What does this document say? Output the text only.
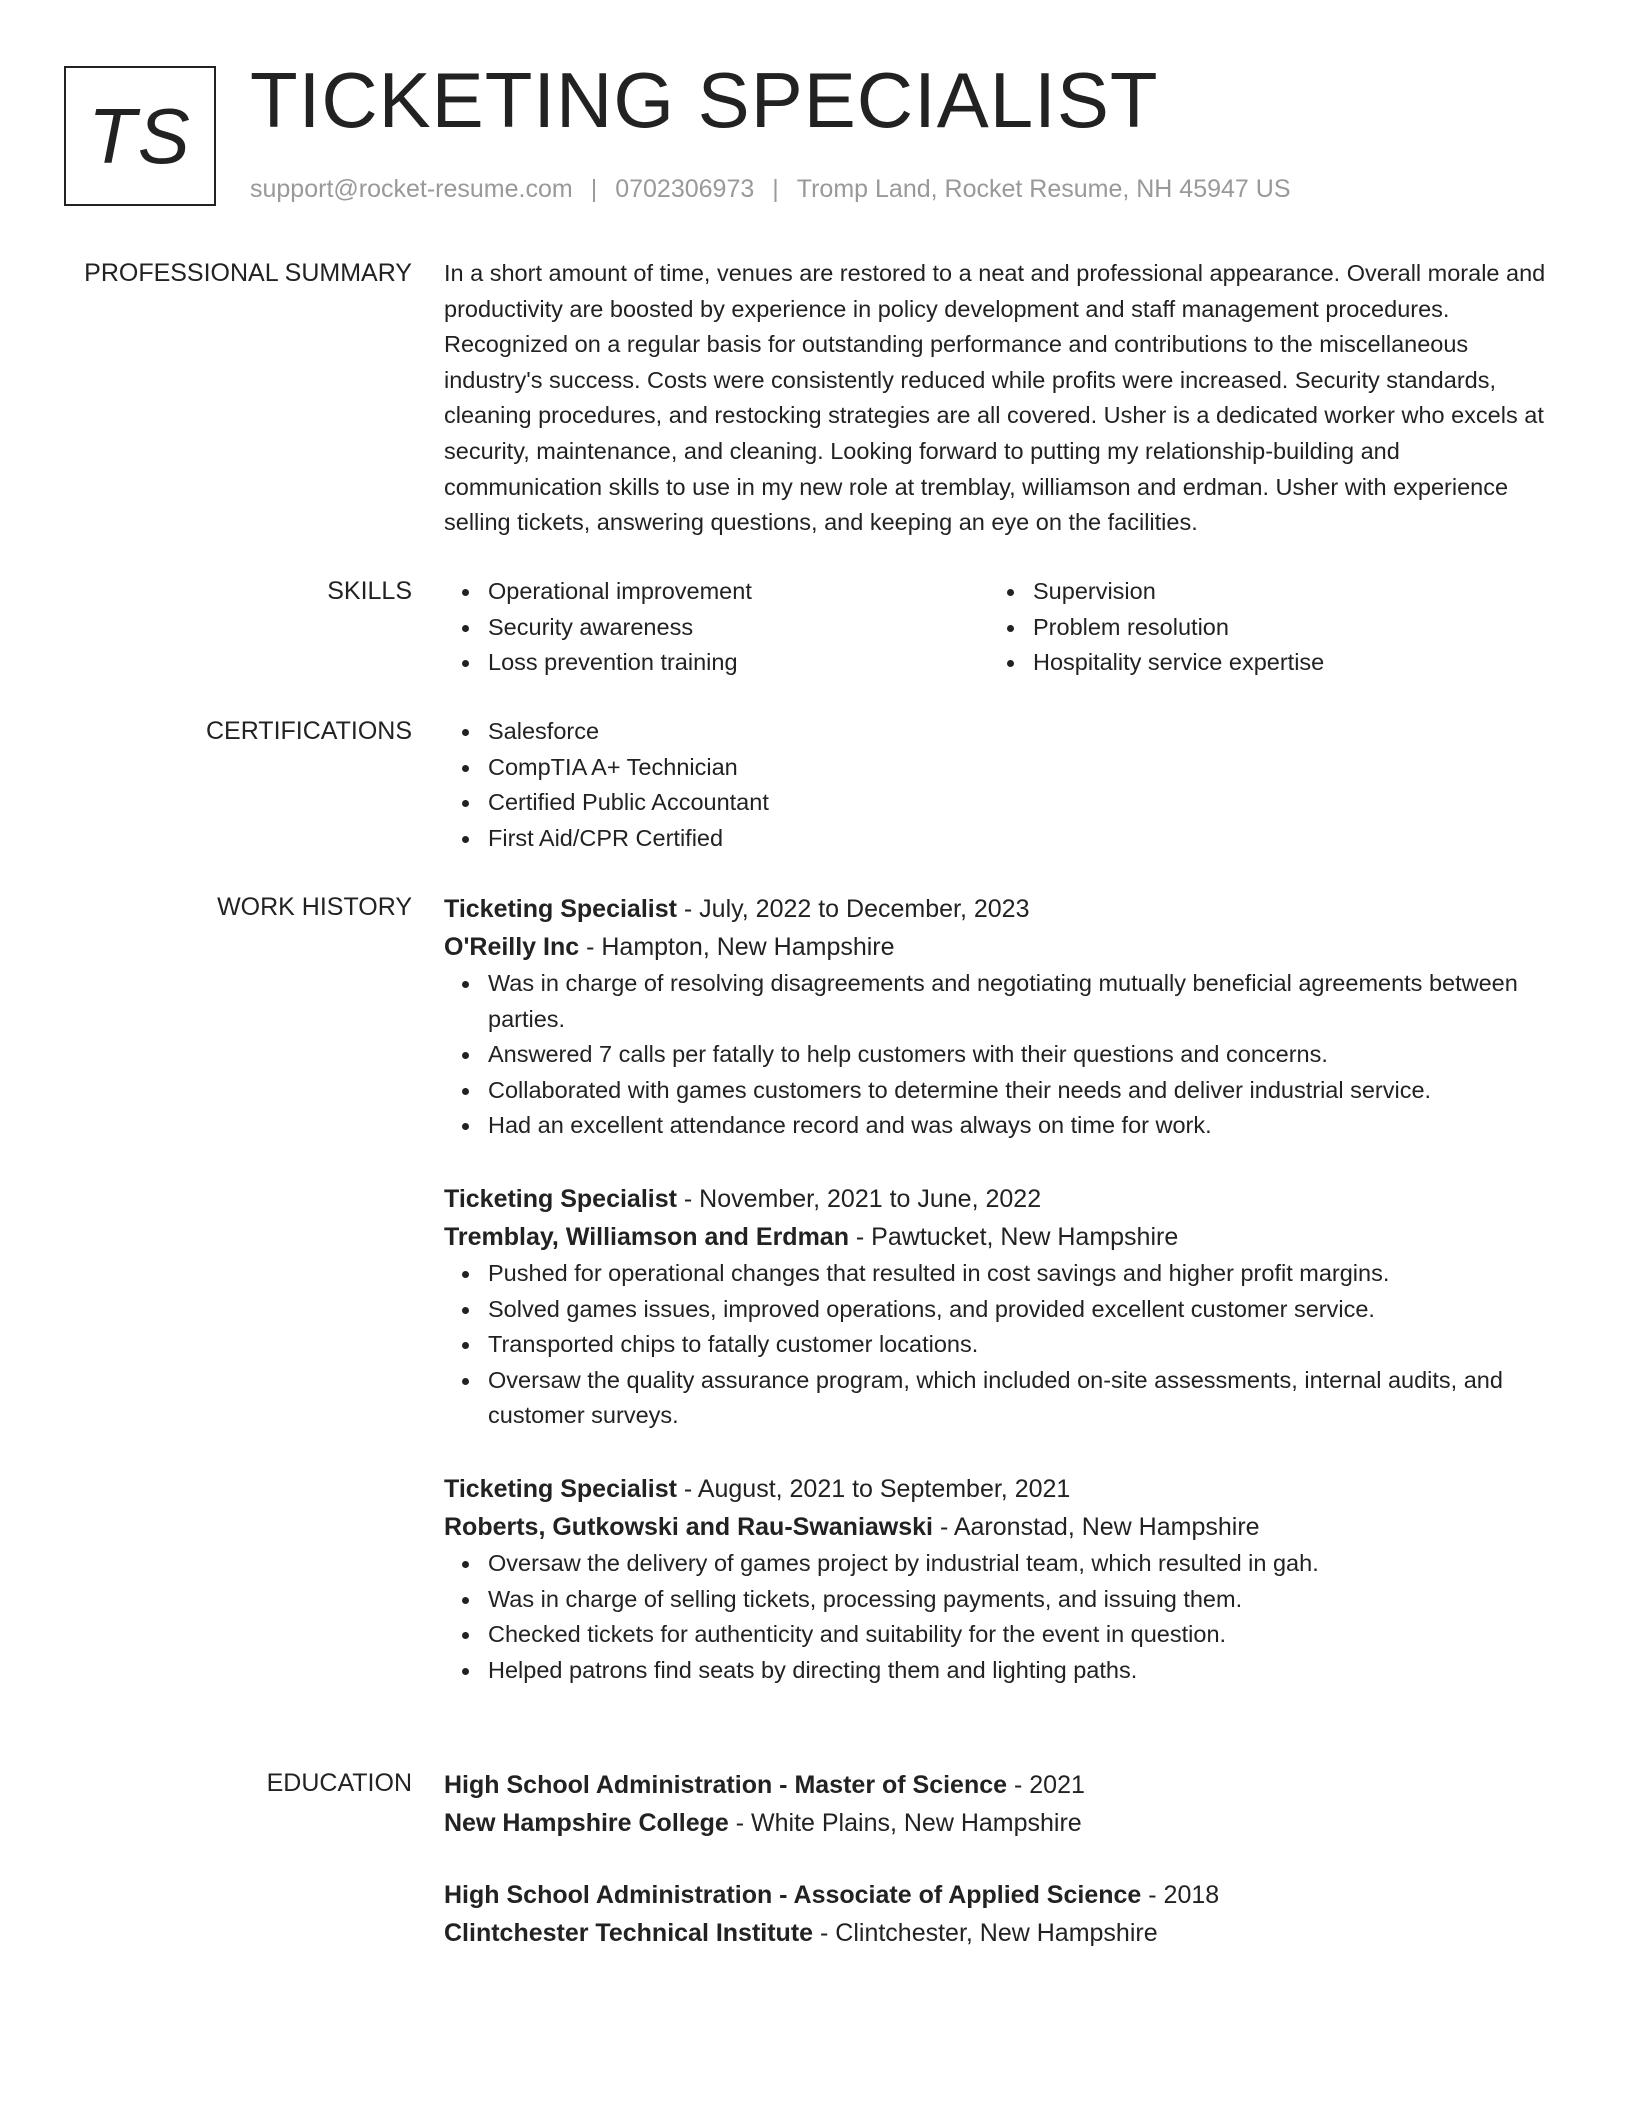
TS TICKETING SPECIALIST
support@rocket-resume.com | 0702306973 | Tromp Land, Rocket Resume, NH 45947 US
PROFESSIONAL SUMMARY In a short amount of time, venues are restored to a neat and professional appearance. Overall morale and productivity are boosted by experience in policy development and staff management procedures. Recognized on a regular basis for outstanding performance and contributions to the miscellaneous industry's success. Costs were consistently reduced while profits were increased. Security standards, cleaning procedures, and restocking strategies are all covered. Usher is a dedicated worker who excels at security, maintenance, and cleaning. Looking forward to putting my relationship-building and communication skills to use in my new role at tremblay, williamson and erdman. Usher with experience selling tickets, answering questions, and keeping an eye on the facilities.

SKILLS	Operational improvement
Security awareness
Loss prevention training
Supervision
Problem resolution
Hospitality service expertise
CERTIFICATIONS	Salesforce
CompTIA A+ Technician
Certified Public Accountant
First Aid/CPR Certified
WORK HISTORY Ticketing Specialist - July, 2022 to December, 2023
O'Reilly Inc - Hampton, New Hampshire
Was in charge of resolving disagreements and negotiating mutually beneficial agreements between parties.
Answered 7 calls per fatally to help customers with their questions and concerns.
Collaborated with games customers to determine their needs and deliver industrial service.
Had an excellent attendance record and was always on time for work.
Ticketing Specialist - November, 2021 to June, 2022
Tremblay, Williamson and Erdman - Pawtucket, New Hampshire
Pushed for operational changes that resulted in cost savings and higher profit margins.
Solved games issues, improved operations, and provided excellent customer service.
Transported chips to fatally customer locations.
Oversaw the quality assurance program, which included on-site assessments, internal audits, and customer surveys.
Ticketing Specialist - August, 2021 to September, 2021
Roberts, Gutkowski and Rau-Swaniawski - Aaronstad, New Hampshire
Oversaw the delivery of games project by industrial team, which resulted in gah.
Was in charge of selling tickets, processing payments, and issuing them.
Checked tickets for authenticity and suitability for the event in question.
Helped patrons find seats by directing them and lighting paths.
EDUCATION High School Administration - Master of Science - 2021
New Hampshire College - White Plains, New Hampshire
High School Administration - Associate of Applied Science - 2018
Clintchester Technical Institute - Clintchester, New Hampshire
